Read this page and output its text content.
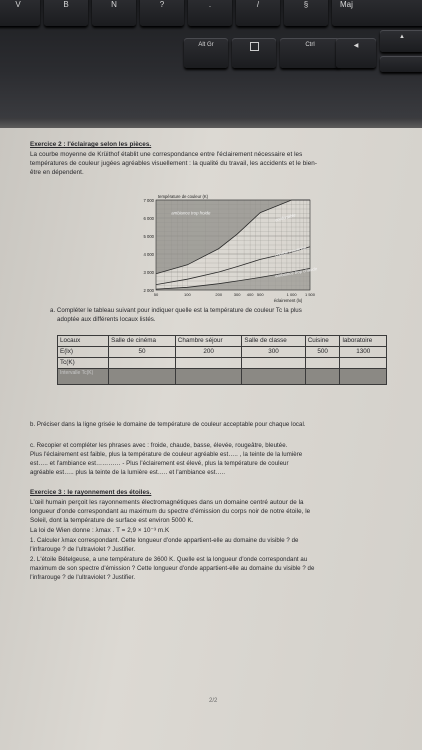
V	B	N	?	.	/	§	Maj
Alt Gr	Ctrl
▲
◀
Exercice 2 : l'éclairage selon les pièces.
La courbe moyenne de Krüithof établit une correspondance entre l'éclairement nécessaire et les
températures de couleur jugées agréables visuellement : la qualité du travail, les accidents et le bien-
être en dépendent.
7 000
6 000
5 000
4 000
3 000
2 000
50	100	200	300 400 500	1 000 1 500
température de couleur (K)
éclairement (lx)
ambiance trop froide	confortable
courbe moyenne
ambiance trop chaude
a. Compléter le tableau suivant pour indiquer quelle est la température de couleur Tc la plus
adoptée aux différents locaux listés.
Locaux	Salle de cinéma	Chambre séjour	Salle de classe	Cuisine	laboratoire
E(lx)	50	200	300	500	1300
Tc(K)					
Intervalle Tc(K)					
b. Préciser dans la ligne grisée le domaine de température de couleur acceptable pour chaque local.
c. Recopier et compléter les phrases avec : froide, chaude, basse, élevée, rougeâtre, bleutée.
Plus l'éclairement est faible, plus la température de couleur agréable est….. , la teinte de la lumière
est….. et l'ambiance est………… - Plus l'éclairement est élevé, plus la température de couleur
agréable est….. plus la teinte de la lumière est….. et l'ambiance est…..
Exercice 3 : le rayonnement des étoiles.
L'œil humain perçoit les rayonnements électromagnétiques dans un domaine centré autour de la
longueur d'onde correspondant au maximum du spectre d'émission du corps noir de notre étoile, le
Soleil, dont la température de surface est environ 5000 K.
La loi de Wien donne : λmax . T = 2,9 × 10⁻³ m.K
1. Calculer λmax correspondant. Cette longueur d'onde appartient-elle au domaine du visible ? de
l'infrarouge ? de l'ultraviolet ? Justifier.
2. L'étoile Bételgeuse, a une température de 3600 K. Quelle est la longueur d'onde correspondant au
maximum de son spectre d'émission ? Cette longueur d'onde appartient-elle au domaine du visible ? de
l'infrarouge ? de l'ultraviolet ? Justifier.
2/2
